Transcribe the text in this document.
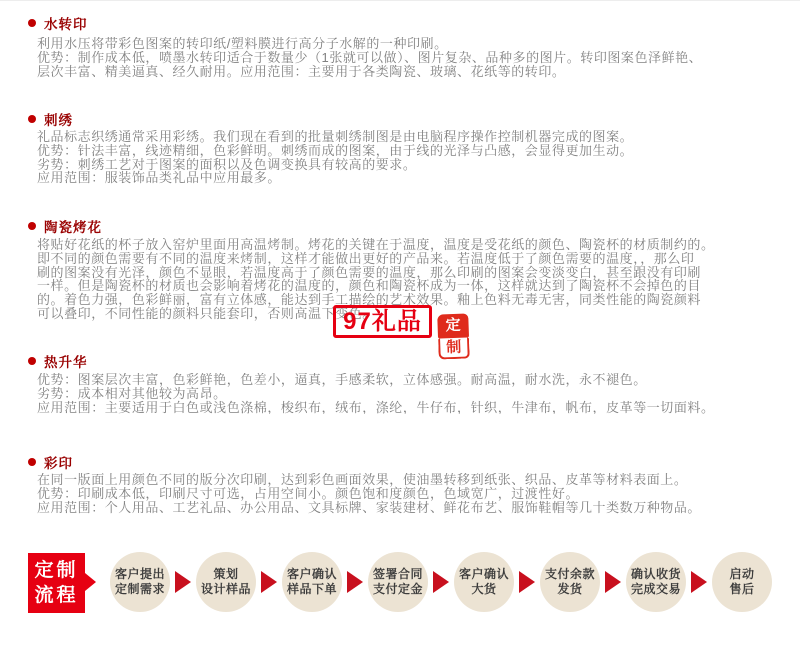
水转印
利用水压将带彩色图案的转印纸/塑料膜进行高分子水解的一种印刷。
优势：制作成本低，喷墨水转印适合于数量少（1张就可以做）、图片复杂、品种多的图片。转印图案色泽鲜艳、
层次丰富、精美逼真、经久耐用。应用范围：主要用于各类陶瓷、玻璃、花纸等的转印。
刺绣
礼品标志织绣通常采用彩绣。我们现在看到的批量刺绣制图是由电脑程序操作控制机器完成的图案。
优势：针法丰富，线迹精细，色彩鲜明。刺绣而成的图案，由于线的光泽与凸感，会显得更加生动。
劣势：刺绣工艺对于图案的面积以及色调变换具有较高的要求。
应用范围：服装饰品类礼品中应用最多。
陶瓷烤花
将贴好花纸的杯子放入窑炉里面用高温烤制。烤花的关键在于温度，温度是受花纸的颜色、陶瓷杯的材质制约的。
即不同的颜色需要有不同的温度来烤制，这样才能做出更好的产品来。若温度低于了颜色需要的温度，，那么印
刷的图案没有光泽，颜色不显眼，若温度高于了颜色需要的温度，那么印刷的图案会变淡变白，甚至跟没有印刷
一样。但是陶瓷杯的材质也会影响着烤花的温度的，颜色和陶瓷杯成为一体，这样就达到了陶瓷杯不会掉色的目
的。着色力强，色彩鲜丽，富有立体感，能达到手工描绘的艺术效果。釉上色料无毒无害，同类性能的陶瓷颜料
可以叠印，不同性能的颜料只能套印，否则高温下变色。
97礼品	定
制
热升华
优势：图案层次丰富，色彩鲜艳，色差小，逼真，手感柔软，立体感强。耐高温，耐水洗，永不褪色。
劣势：成本相对其他较为高昂。
应用范围：主要适用于白色或浅色涤棉，梭织布，绒布，涤纶，牛仔布，针织，牛津布，帆布，皮革等一切面料。
彩印
在同一版面上用颜色不同的版分次印刷，达到彩色画面效果，使油墨转移到纸张、织品、皮革等材料表面上。
优势：印刷成本低，印刷尺寸可选，占用空间小。颜色饱和度颜色，色域宽广，过渡性好。
应用范围：个人用品、工艺礼品、办公用品、文具标牌、家装建材、鲜花布艺、服饰鞋帽等几十类数万种物品。
定制
流程
客户提出
定制需求
策划
设计样品
客户确认
样品下单
签署合同
支付定金
客户确认
大货
支付余款
发货
确认收货
完成交易
启动
售后
